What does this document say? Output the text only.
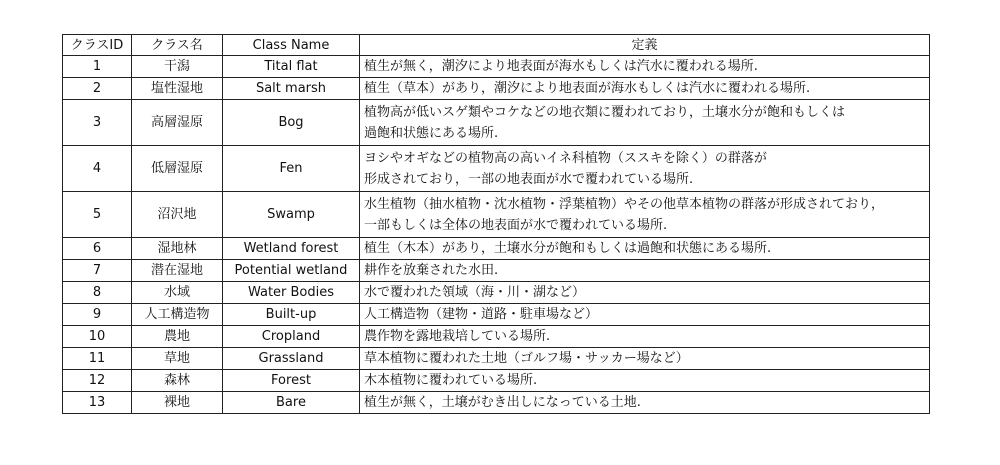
クラスID	クラス名	Class Name	定義
1	干潟	Tital flat	植生が無く，潮汐により地表面が海水もしくは汽水に覆われる場所.

2	塩性湿地	Salt marsh	植生（草本）があり，潮汐により地表面が海水もしくは汽水に覆われる場所.

3	高層湿原	Bog	植物高が低いスゲ類やコケなどの地衣類に覆われており，土壌水分が飽和もしくは
過飽和状態にある場所.

4	低層湿原	Fen	ヨシやオギなどの植物高の高いイネ科植物（ススキを除く）の群落が
形成されており，一部の地表面が水で覆われている場所.

5	沼沢地	Swamp	水生植物（抽水植物・沈水植物・浮葉植物）やその他草本植物の群落が形成されており，
一部もしくは全体の地表面が水で覆われている場所.

6	湿地林	Wetland forest	植生（木本）があり，土壌水分が飽和もしくは過飽和状態にある場所.

7	潜在湿地	Potential wetland	耕作を放棄された水田.

8	水域	Water Bodies	水で覆われた領域（海・川・湖など）

9	人工構造物	Built-up	人工構造物（建物・道路・駐車場など）

10	農地	Cropland	農作物を露地栽培している場所.

11	草地	Grassland	草本植物に覆われた土地（ゴルフ場・サッカー場など）

12	森林	Forest	木本植物に覆われている場所.

13	裸地	Bare	植生が無く，土壌がむき出しになっている土地.
